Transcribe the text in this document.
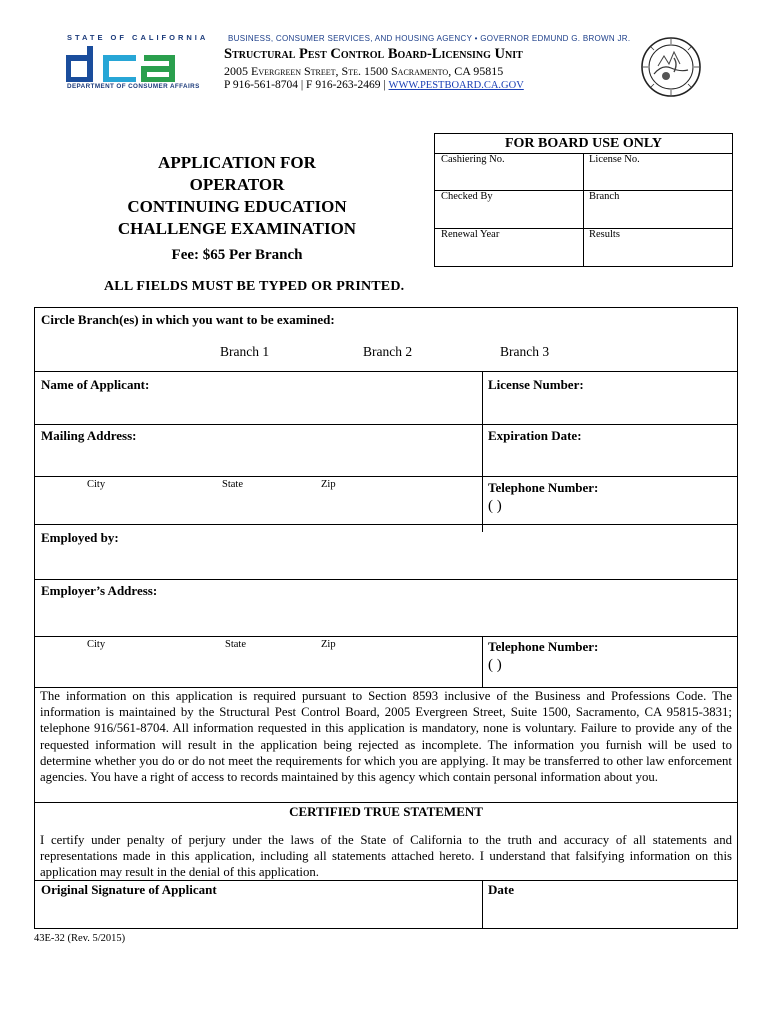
STATE OF CALIFORNIA
DEPARTMENT OF CONSUMER AFFAIRS
BUSINESS, CONSUMER SERVICES, AND HOUSING AGENCY • GOVERNOR EDMUND G. BROWN JR.
Structural Pest Control Board-Licensing Unit
2005 Evergreen Street, Ste. 1500 Sacramento, CA 95815
P 916-561-8704 | F 916-263-2469 | WWW.PESTBOARD.CA.GOV
APPLICATION FOR
OPERATOR
CONTINUING EDUCATION
CHALLENGE EXAMINATION
Fee: $65 Per Branch
ALL FIELDS MUST BE TYPED OR PRINTED.
FOR BOARD USE ONLY
Cashiering No.	License No.
Checked By	Branch
Renewal Year	Results
Circle Branch(es) in which you want to be examined:
Branch 1	Branch 2	Branch 3
Name of Applicant:	License Number:
Mailing Address:	Expiration Date:
City	State	Zip	Telephone Number:
( )
Employed by:
Employer’s Address:
City	State	Zip	Telephone Number:
( )
The information on this application is required pursuant to Section 8593 inclusive of the Business and Professions Code. The information is maintained by the Structural Pest Control Board, 2005 Evergreen Street, Suite 1500, Sacramento, CA 95815-3831; telephone 916/561-8704. All information requested in this application is mandatory, none is voluntary. Failure to provide any of the requested information will result in the application being rejected as incomplete. The information you furnish will be used to determine whether you do or do not meet the requirements for which you are applying. It may be transferred to other law enforcement agencies. You have a right of access to records maintained by this agency which contain personal information about you.
CERTIFIED TRUE STATEMENT
I certify under penalty of perjury under the laws of the State of California to the truth and accuracy of all statements and representations made in this application, including all statements attached hereto. I understand that falsifying information on this application may result in the denial of this application.
Original Signature of Applicant	Date
43E-32 (Rev. 5/2015)
